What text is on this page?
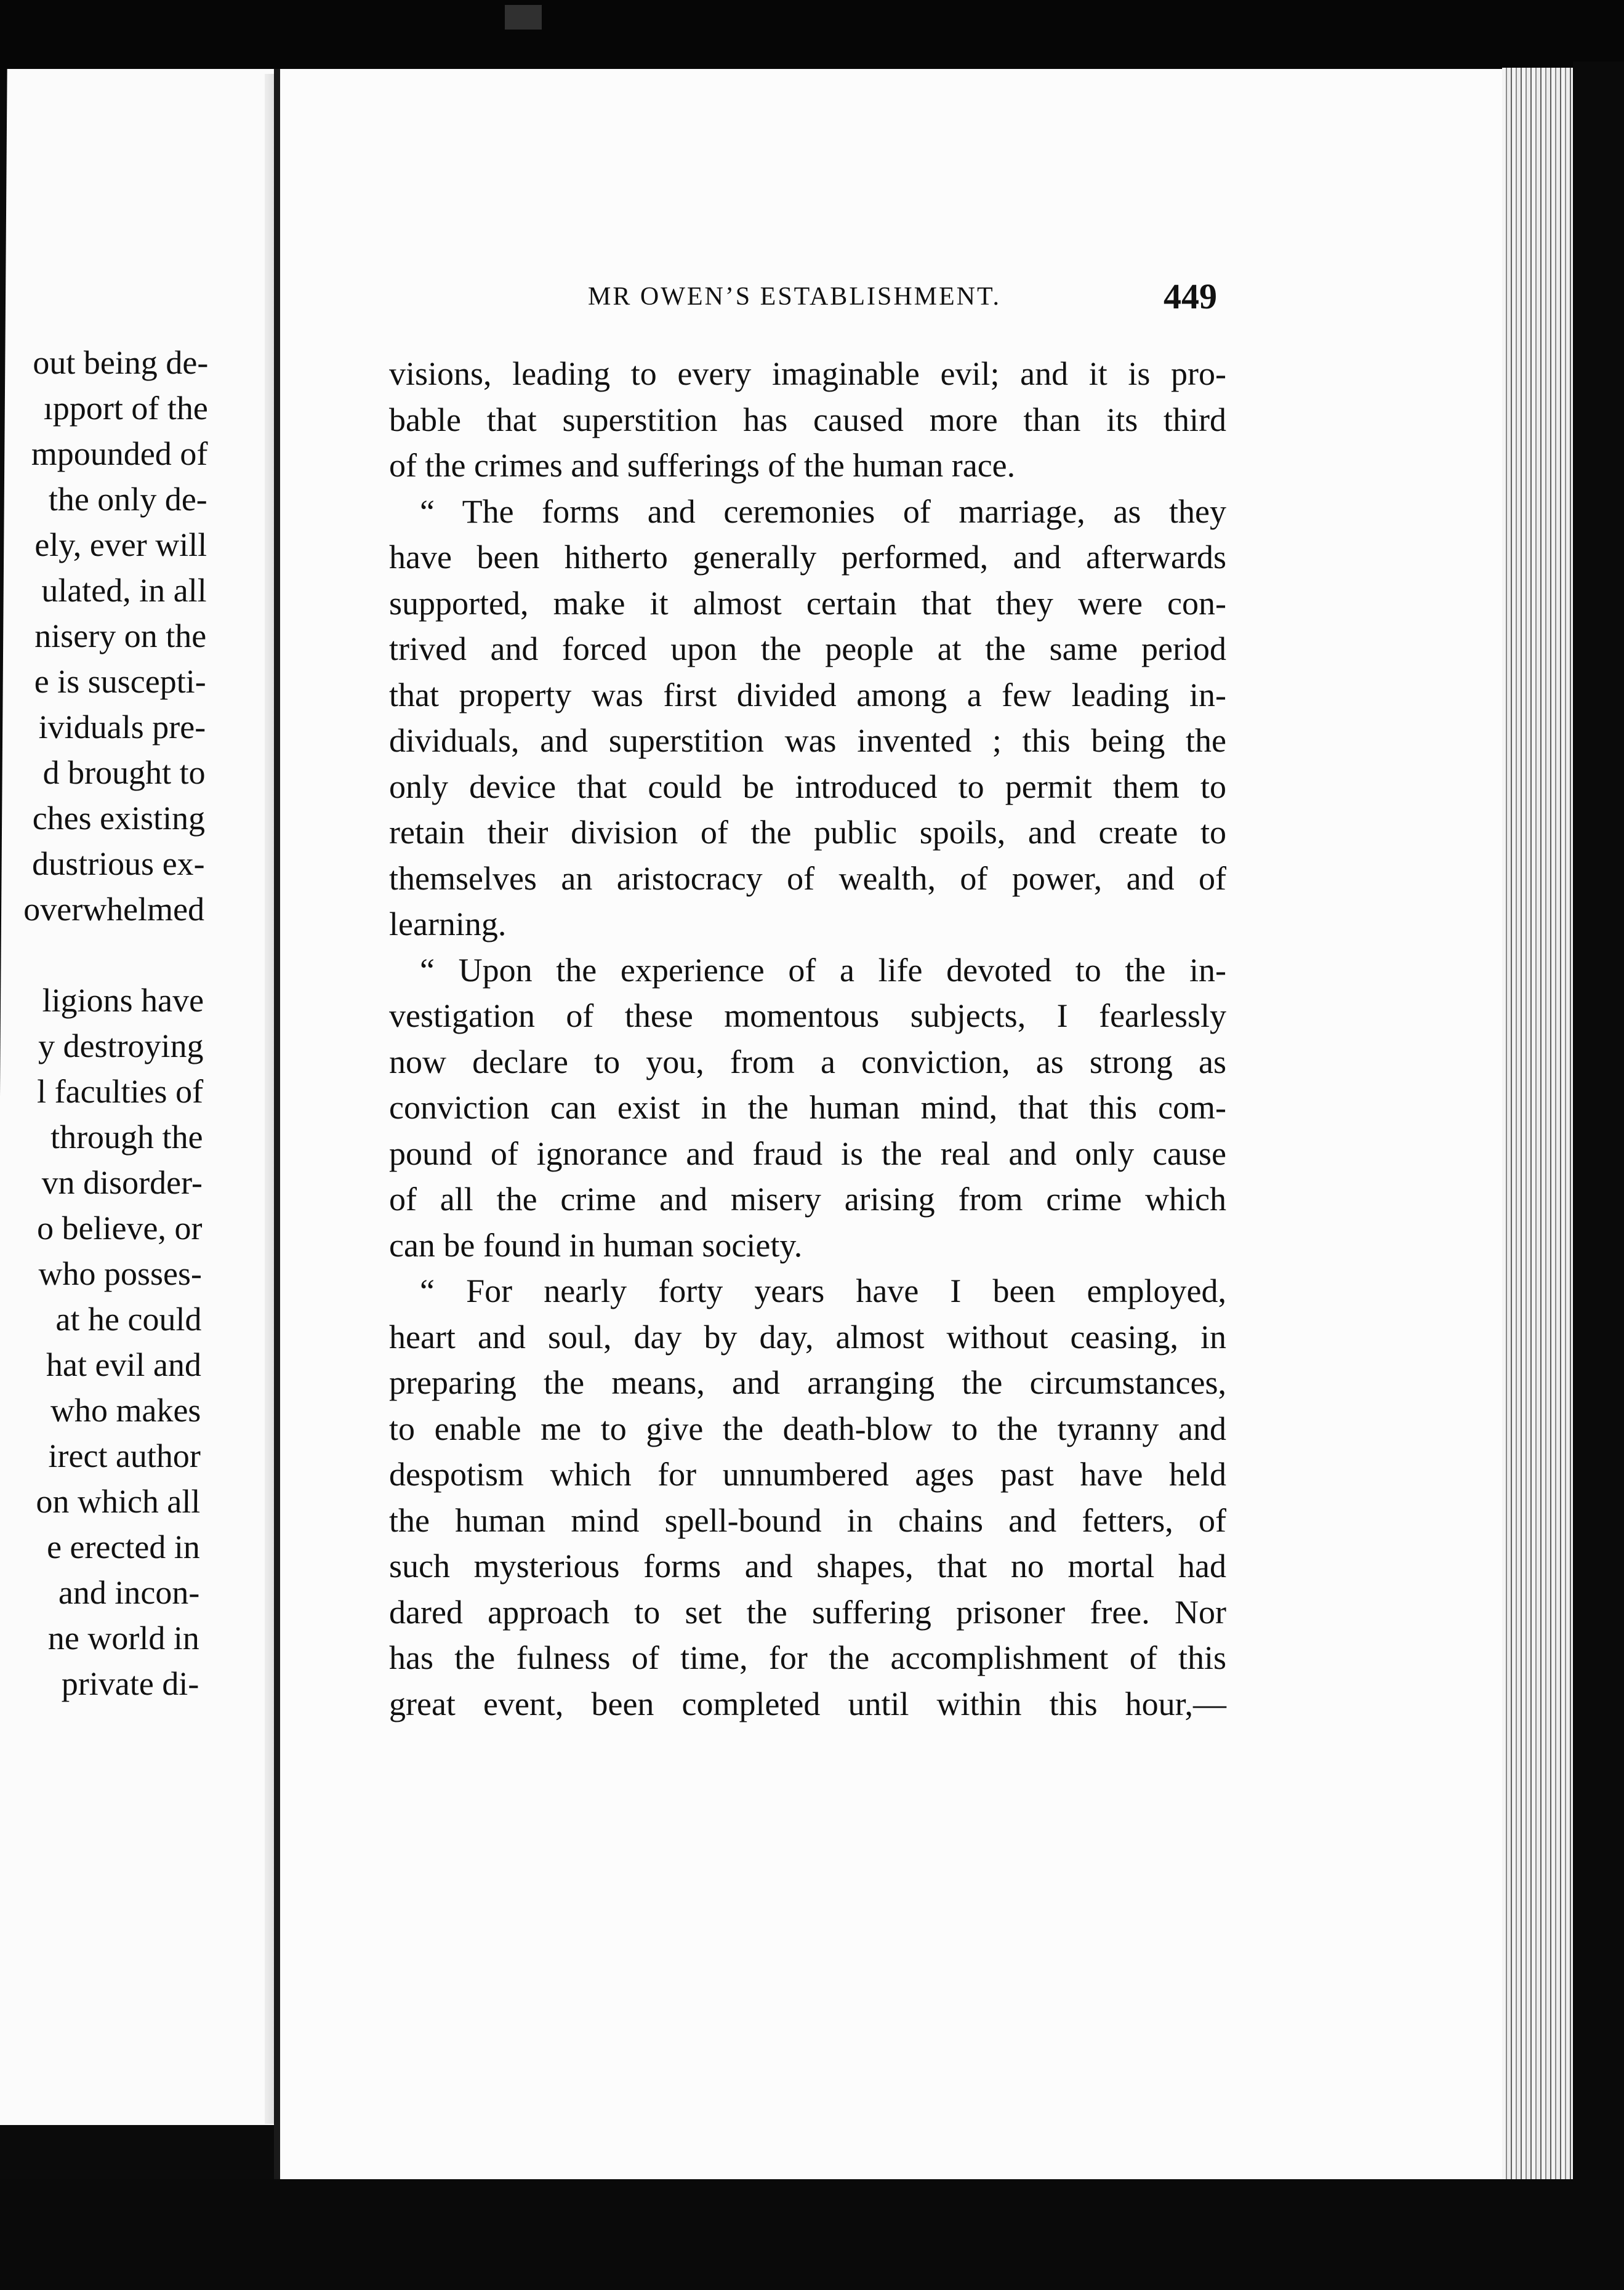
out being de-
ıpport of the
mpounded of
the only de-
ely, ever will
ulated, in all
nisery on the
e is suscepti-
ividuals pre-
d brought to
ches existing
dustrious ex-
overwhelmed
ligions have
y destroying
l faculties of
through the
vn disorder-
o believe, or
who posses-
at he could
hat evil and
who makes
irect author
on which all
e erected in
and incon-
ne world in
private di-
MR OWEN’S ESTABLISHMENT.	449
visions, leading to every imaginable evil; and it is pro-
bable that superstition has caused more than its third
of the crimes and sufferings of the human race.
“ The forms and ceremonies of marriage, as they
have been hitherto generally performed, and afterwards
supported, make it almost certain that they were con-
trived and forced upon the people at the same period
that property was first divided among a few leading in-
dividuals, and superstition was invented ; this being the
only device that could be introduced to permit them to
retain their division of the public spoils, and create to
themselves an aristocracy of wealth, of power, and of
learning.
“ Upon the experience of a life devoted to the in-
vestigation of these momentous subjects, I fearlessly
now declare to you, from a conviction, as strong as
conviction can exist in the human mind, that this com-
pound of ignorance and fraud is the real and only cause
of all the crime and misery arising from crime which
can be found in human society.
“ For nearly forty years have I been employed,
heart and soul, day by day, almost without ceasing, in
preparing the means, and arranging the circumstances,
to enable me to give the death-blow to the tyranny and
despotism which for unnumbered ages past have held
the human mind spell-bound in chains and fetters, of
such mysterious forms and shapes, that no mortal had
dared approach to set the suffering prisoner free. Nor
has the fulness of time, for the accomplishment of this
great event, been completed until within this hour,—
